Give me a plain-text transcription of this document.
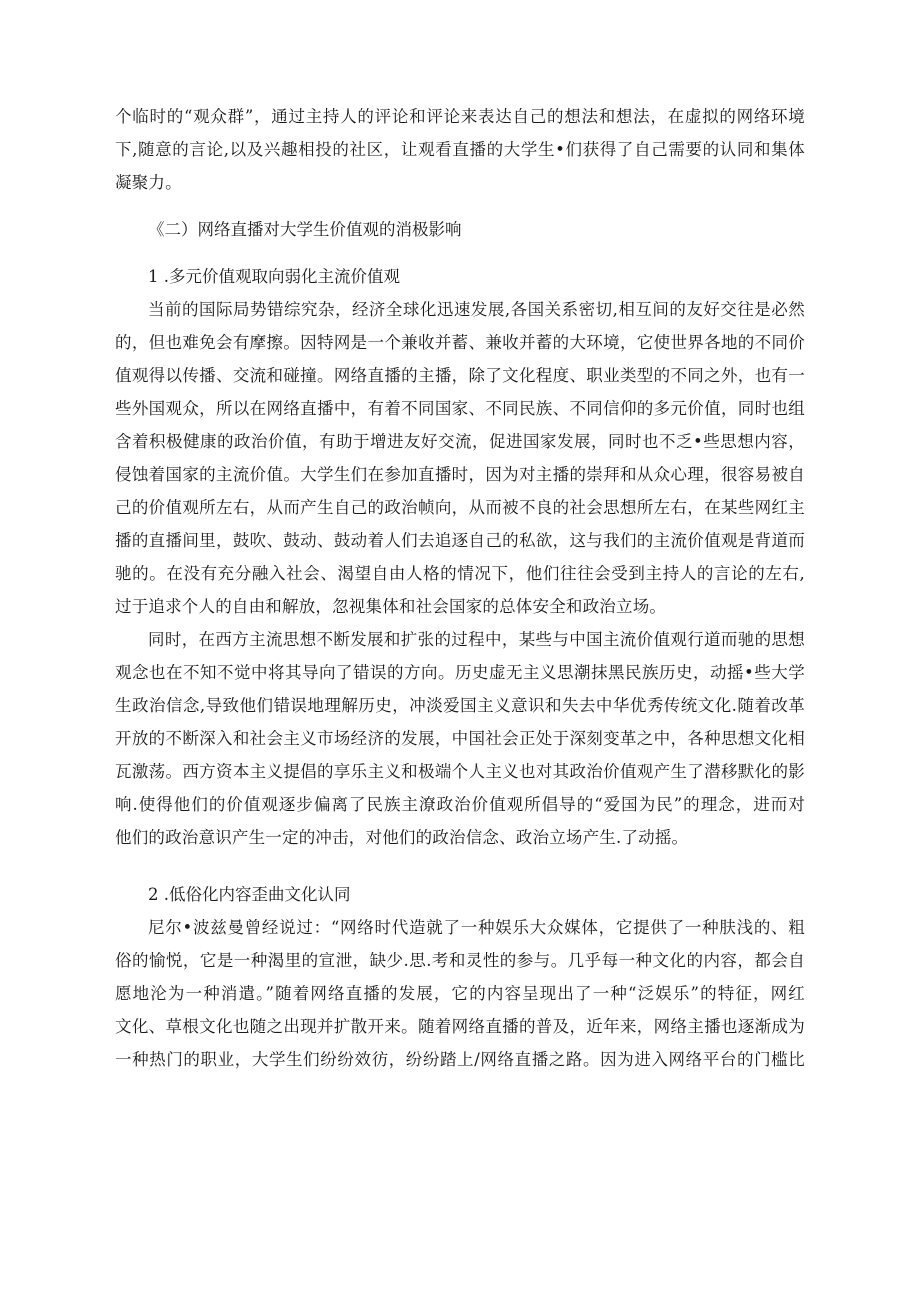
个临时的“观众群”，通过主持人的评论和评论来表达自己的想法和想法，在虚拟的网络环境
下,随意的言论,以及兴趣相投的社区，让观看直播的大学生•们获得了自己需要的认同和集体
凝聚力。
《二）网络直播对大学生价值观的消极影响
1 .多元价值观取向弱化主流价值观
当前的国际局势错综究杂，经济全球化迅速发展,各国关系密切,相互间的友好交往是必然
的，但也难免会有摩擦。因特网是一个兼收并蓄、兼收并蓄的大环境，它使世界各地的不同价
值观得以传播、交流和碰撞。网络直播的主播，除了文化程度、职业类型的不同之外，也有一
些外国观众，所以在网络直播中，有着不同国家、不同民族、不同信仰的多元价值，同时也组
含着积极健康的政治价值，有助于增进友好交流，促进国家发展，同时也不乏•些思想内容，
侵蚀着国家的主流价值。大学生们在参加直播时，因为对主播的崇拜和从众心理，很容易被自
己的价值观所左右，从而产生自己的政治帧向，从而被不良的社会思想所左右，在某些网红主
播的直播间里，鼓吹、鼓动、鼓动着人们去追逐自己的私欲，这与我们的主流价值观是背道而
驰的。在没有充分融入社会、渴望自由人格的情况下，他们往往会受到主持人的言论的左右,
过于追求个人的自由和解放，忽视集体和社会国家的总体安全和政治立场。
同时，在西方主流思想不断发展和扩张的过程中，某些与中国主流价值观行道而驰的思想
观念也在不知不觉中将其导向了错误的方向。历史虚无主义思潮抹黑民族历史，动摇•些大学
生政治信念,导致他们错误地理解历史，冲淡爱国主义意识和失去中华优秀传统文化.随着改革
开放的不断深入和社会主义市场经济的发展，中国社会正处于深刻变革之中，各种思想文化相
瓦激荡。西方资本主义提倡的享乐主义和极端个人主义也对其政治价值观产生了潜移默化的影
响.使得他们的价值观逐步偏离了民族主潦政治价值观所倡导的“爱国为民”的理念，进而对
他们的政治意识产生一定的冲击，对他们的政治信念、政治立场产生.了动摇。
2 .低俗化内容歪曲文化认同
尼尔•波兹曼曾经说过：“网络时代造就了一种娱乐大众媒体，它提供了一种肤浅的、粗
俗的愉悦，它是一种渴里的宣泄，缺少.思.考和灵性的参与。几乎每一种文化的内容，都会自
愿地沦为一种消遣。”随着网络直播的发展，它的内容呈现出了一种“泛娱乐”的特征，网红
文化、草根文化也随之出现并扩散开来。随着网络直播的普及，近年来，网络主播也逐渐成为
一种热门的职业，大学生们纷纷效彷，纷纷踏上/网络直播之路。因为进入网络平台的门槛比
